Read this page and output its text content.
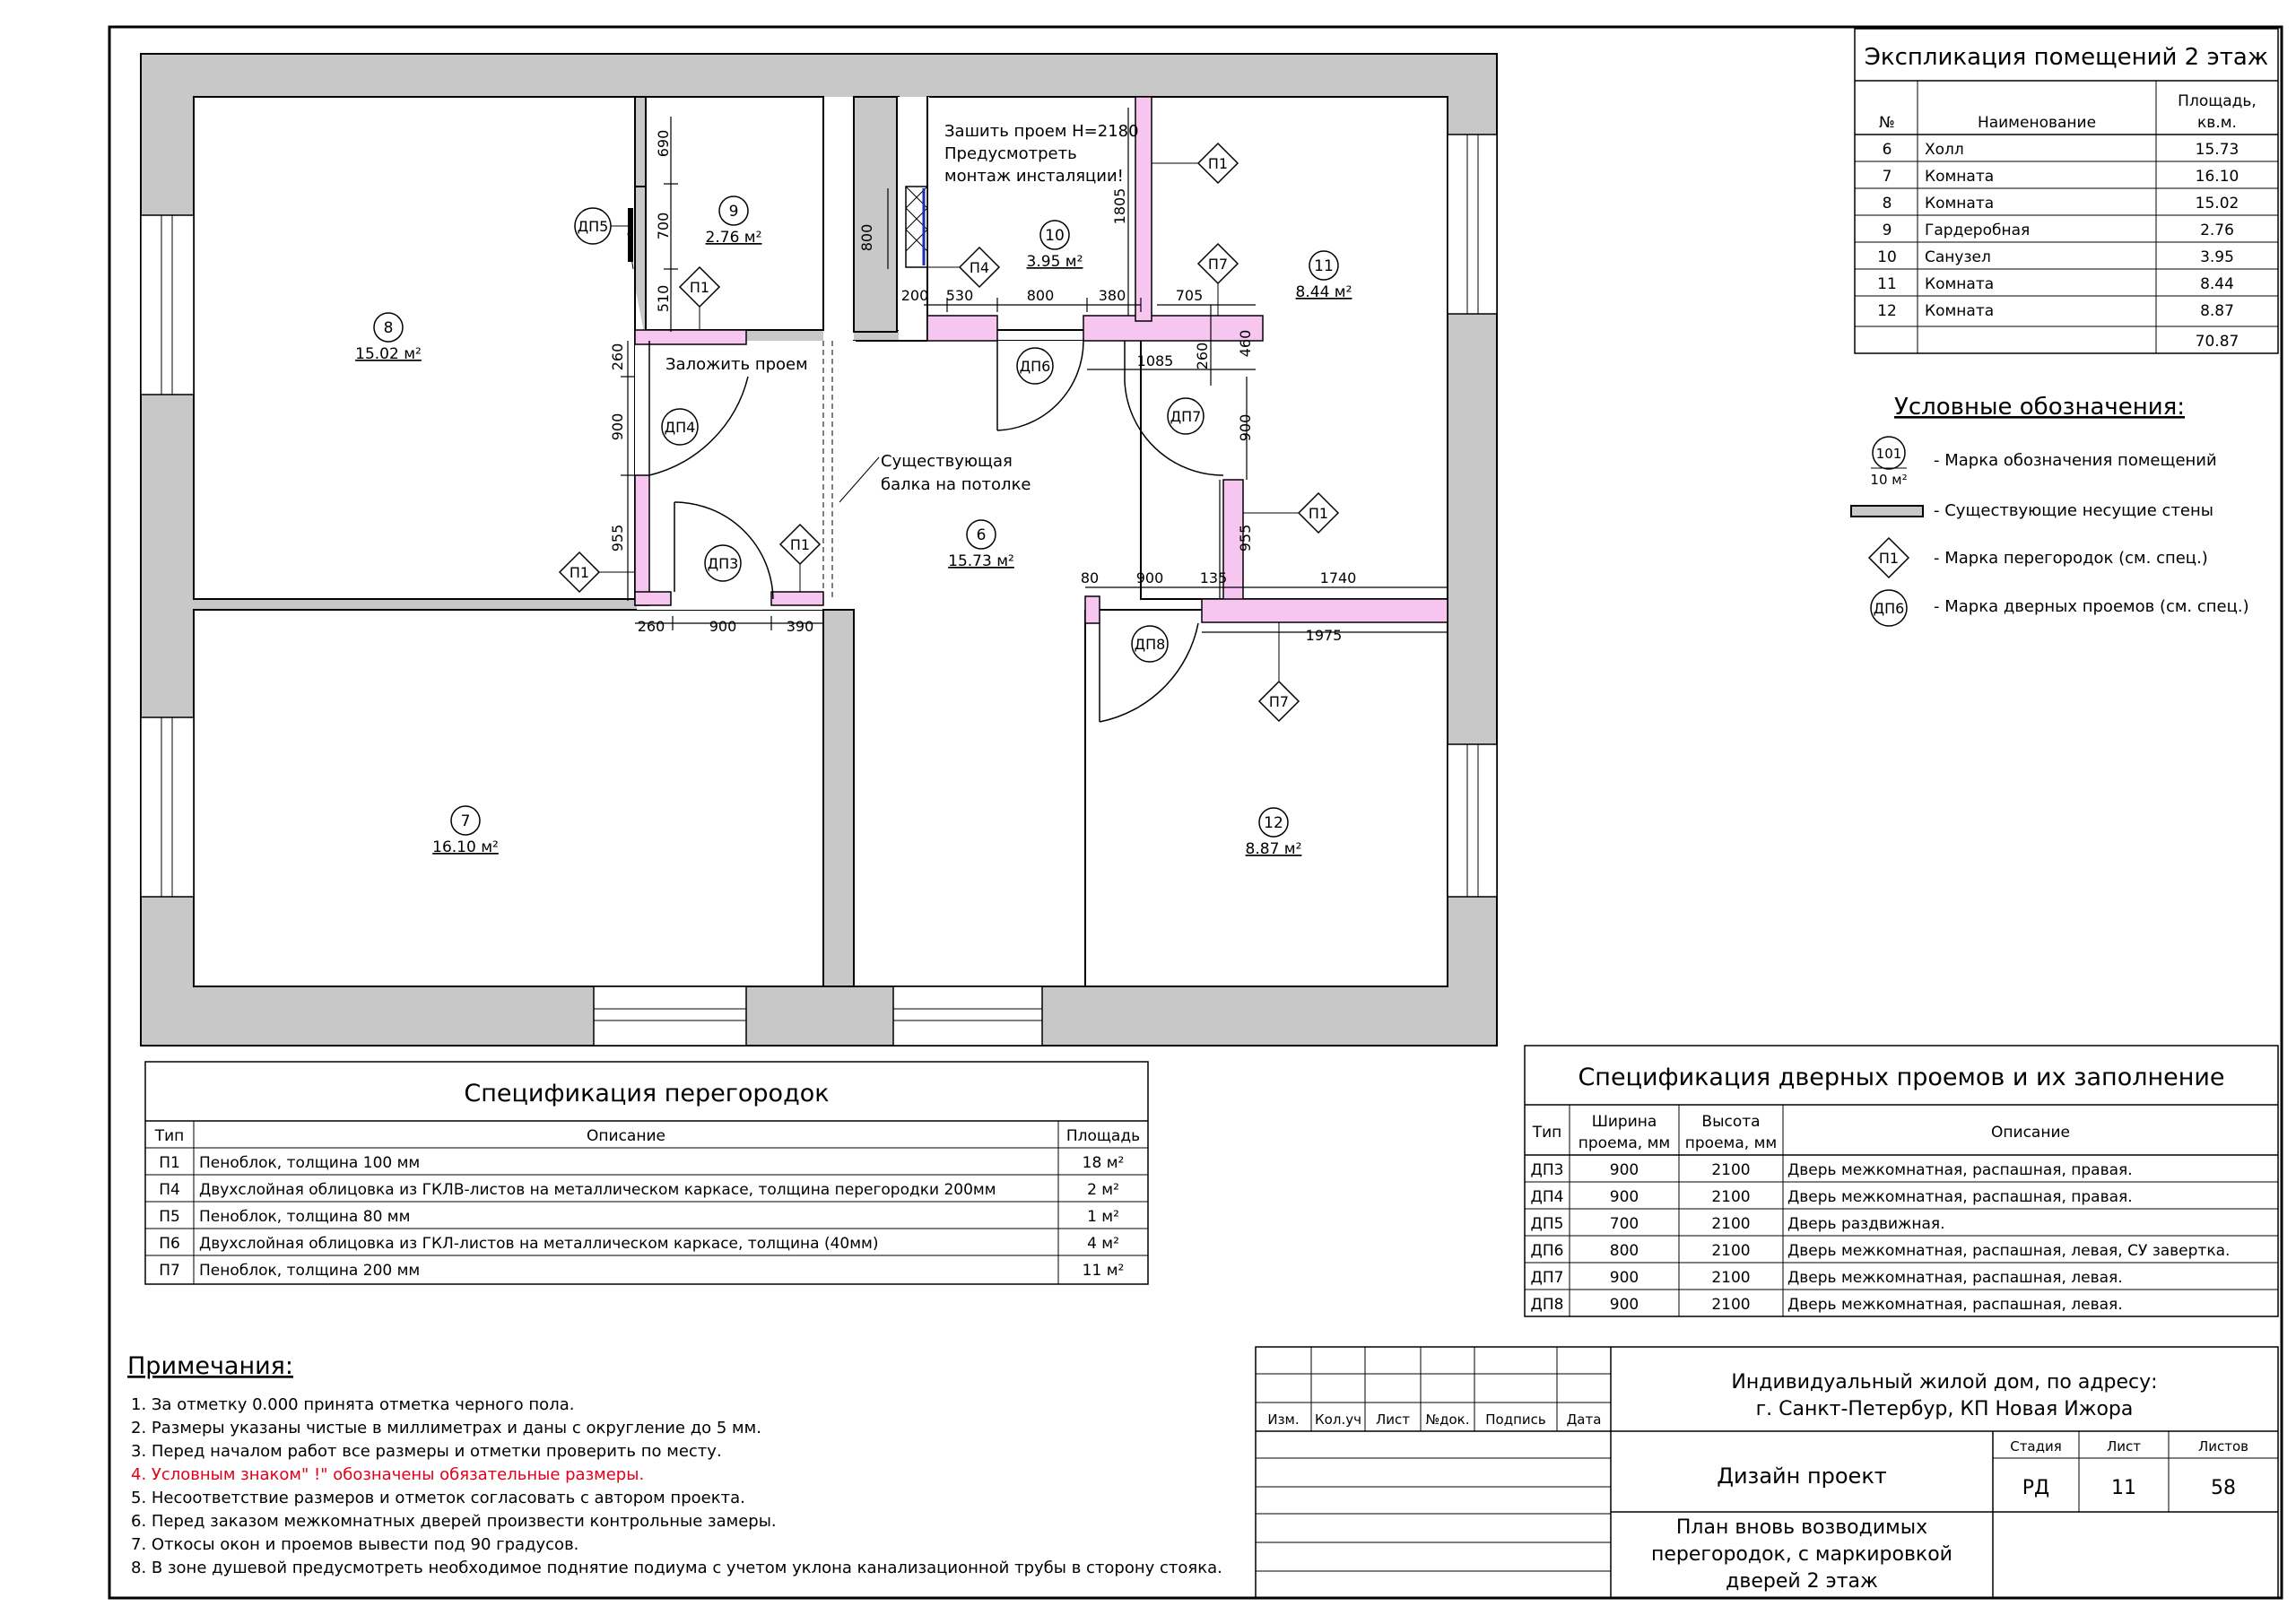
8
15.02 м²
9
2.76 м²	10
3.95 м²	11
8.44 м²
6
15.73 м²
7
16.10 м²
12
8.87 м²
Заложить проем
Существующая
балка на потолке
Зашить проем Н=2180
Предусмотреть
монтаж инсталяции!
690
700
510
260
900
955
260	900	390
800
200 530	800	380	705
1805
1085 260 460
900
955
80	900	135	1740
1975
П1
П1
П4	П7
П1
П1
П1
П7
ДП5
ДП4
ДП3
ДП6
ДП7
ДП8
Экспликация помещений 2 этаж
№	Наименование
Площадь,
кв.м.
6 Холл	15.73
7 Комната	16.10
8 Комната	15.02
9 Гардеробная	2.76
10 Санузел	3.95
11 Комната	8.44
12 Комната	8.87
70.87
Условные обозначения:
101
10 м²
- Марка обозначения помещений
- Существующие несущие стены
П1 - Марка перегородок (см. спец.)
ДП6 - Марка дверных проемов (см. спец.)
Спецификация перегородок
Тип	Описание	Площадь
П1 Пеноблок, толщина 100 мм	18 м²
П4 Двухслойная облицовка из ГКЛВ-листов на металлическом каркасе, толщина перегородки 200мм	2 м²
П5 Пеноблок, толщина 80 мм	1 м²
П6 Двухслойная облицовка из ГКЛ-листов на металлическом каркасе, толщина (40мм)	4 м²
П7 Пеноблок, толщина 200 мм	11 м²
Спецификация дверных проемов и их заполнение
Тип
Ширина
проема, мм
Высота
проема, мм
Описание
ДП3	900	2100 Дверь межкомнатная, распашная, правая.
ДП4	900	2100 Дверь межкомнатная, распашная, правая.
ДП5	700	2100 Дверь раздвижная.
ДП6	800	2100 Дверь межкомнатная, распашная, левая, СУ завертка.
ДП7	900	2100 Дверь межкомнатная, распашная, левая.
ДП8	900	2100 Дверь межкомнатная, распашная, левая.
Примечания:
1. За отметку 0.000 принята отметка черного пола.
2. Размеры указаны чистые в миллиметрах и даны с округление до 5 мм.
3. Перед началом работ все размеры и отметки проверить по месту.
4. Условным знаком" !" обозначены обязательные размеры.
5. Несоответствие размеров и отметок согласовать с автором проекта.
6. Перед заказом межкомнатных дверей произвести контрольные замеры.
7. Откосы окон и проемов вывести под 90 градусов.
8. В зоне душевой предусмотреть необходимое поднятие подиума с учетом уклона канализационной трубы в сторону стояка.
Изм. Кол.уч Лист №док. Подпись Дата
Индивидуальный жилой дом, по адресу:
г. Санкт-Петербур, КП Новая Ижора
Стадия	Лист	Листов
Дизайн проект	РД	11	58
План вновь возводимых
перегородок, с маркировкой
дверей 2 этаж
